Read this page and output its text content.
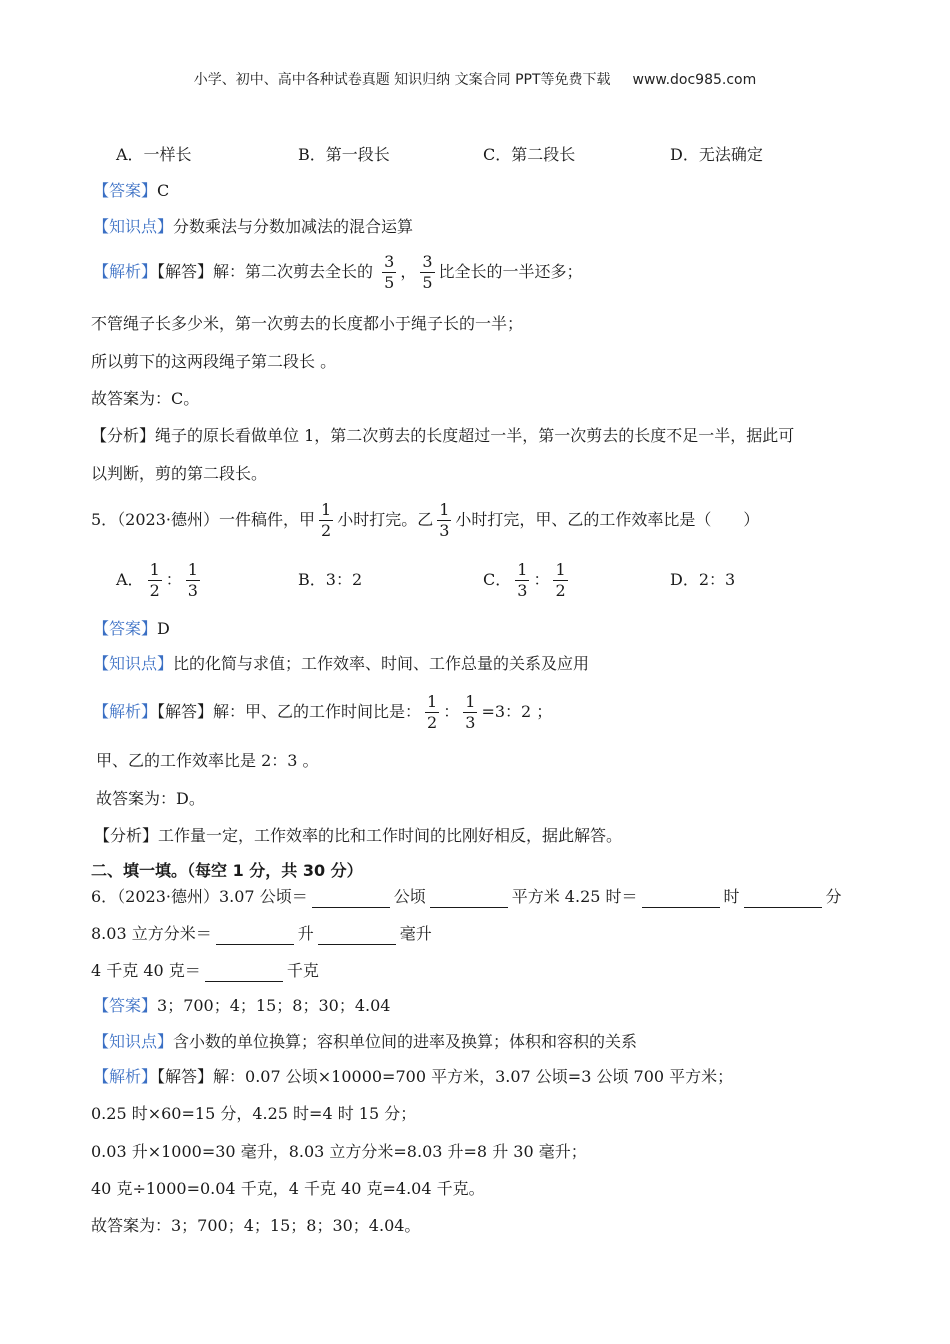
小学、初中、高中各种试卷真题 知识归纳 文案合同 PPT等免费下载 www.doc985.com
A．一样长	B．第一段长	C．第二段长	D．无法确定
【答案】C
【知识点】分数乘法与分数加减法的混合运算
【解析】【解答】解：第二次剪去全长的 $\frac{3}{5}$ ， $\frac{3}{5}$ 比全长的一半还多；
不管绳子长多少米，第一次剪去的长度都小于绳子长的一半；
所以剪下的这两段绳子第二段长 。
故答案为：C。
【分析】绳子的原长看做单位 1，第二次剪去的长度超过一半，第一次剪去的长度不足一半，据此可
以判断，剪的第二段长。
5．（2023·德州）一件稿件，甲 $\frac{1}{2}$ 小时打完。乙 $\frac{1}{3}$ 小时打完，甲、乙的工作效率比是（　　）
A． $\frac{1}{2}$ ： $\frac{1}{3}$	B．3：2	C． $\frac{1}{3}$ ： $\frac{1}{2}$	D．2：3
【答案】D
【知识点】比的化简与求值；工作效率、时间、工作总量的关系及应用
【解析】【解答】解：甲、乙的工作时间比是： $\frac{1}{2}$ ： $\frac{1}{3} =3$：2 ；
甲、乙的工作效率比是 2：3 。
故答案为：D。
【分析】工作量一定，工作效率的比和工作时间的比刚好相反，据此解答。
二、填一填。（每空 1 分，共 30 分）
6．（2023·德州）3.07 公顷＝	公顷	平方米 4.25 时＝	时	分
8.03 立方分米＝	升	毫升
4 千克 40 克＝	千克
【答案】3；700；4；15；8；30；4.04
【知识点】含小数的单位换算；容积单位间的进率及换算；体积和容积的关系
【解析】【解答】解：0.07 公顷×10000=700 平方米，3.07 公顷=3 公顷 700 平方米；
0.25 时×60=15 分，4.25 时=4 时 15 分；
0.03 升×1000=30 毫升，8.03 立方分米=8.03 升=8 升 30 毫升；
40 克÷1000=0.04 千克，4 千克 40 克=4.04 千克。
故答案为：3；700；4；15；8；30；4.04。
